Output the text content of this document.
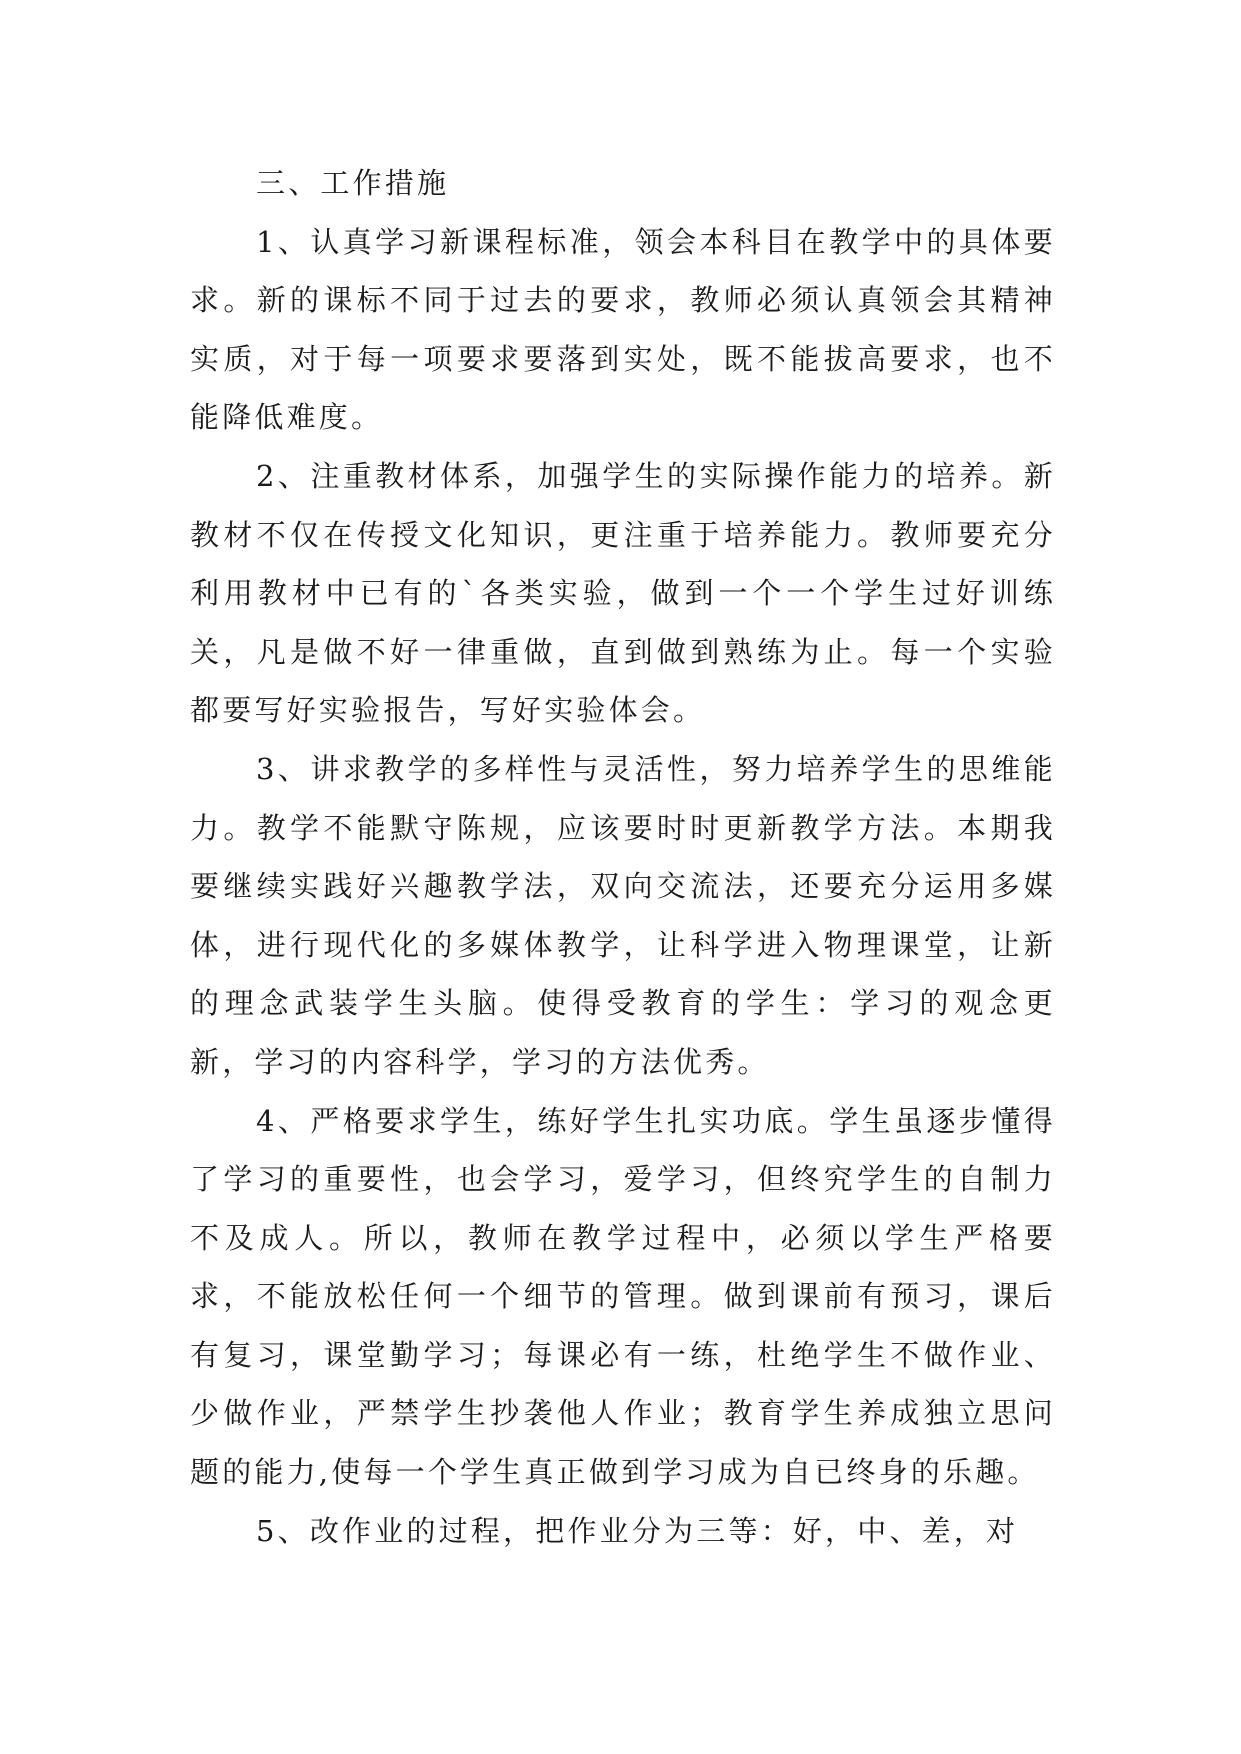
三、工作措施

1、认真学习新课程标准，领会本科目在教学中的具体要求。新的课标不同于过去的要求，教师必须认真领会其精神实质，对于每一项要求要落到实处，既不能拔高要求，也不能降低难度。

2、注重教材体系，加强学生的实际操作能力的培养。新教材不仅在传授文化知识，更注重于培养能力。教师要充分利用教材中已有的`各类实验，做到一个一个学生过好训练关，凡是做不好一律重做，直到做到熟练为止。每一个实验都要写好实验报告，写好实验体会。

3、讲求教学的多样性与灵活性，努力培养学生的思维能力。教学不能默守陈规，应该要时时更新教学方法。本期我要继续实践好兴趣教学法，双向交流法，还要充分运用多媒体，进行现代化的多媒体教学，让科学进入物理课堂，让新的理念武装学生头脑。使得受教育的学生：学习的观念更新，学习的内容科学，学习的方法优秀。

4、严格要求学生，练好学生扎实功底。学生虽逐步懂得了学习的重要性，也会学习，爱学习，但终究学生的自制力不及成人。所以，教师在教学过程中，必须以学生严格要求，不能放松任何一个细节的管理。做到课前有预习，课后有复习，课堂勤学习；每课必有一练，杜绝学生不做作业、少做作业，严禁学生抄袭他人作业；教育学生养成独立思问题的能力,使每一个学生真正做到学习成为自已终身的乐趣。

5、改作业的过程，把作业分为三等：好，中、差，对
